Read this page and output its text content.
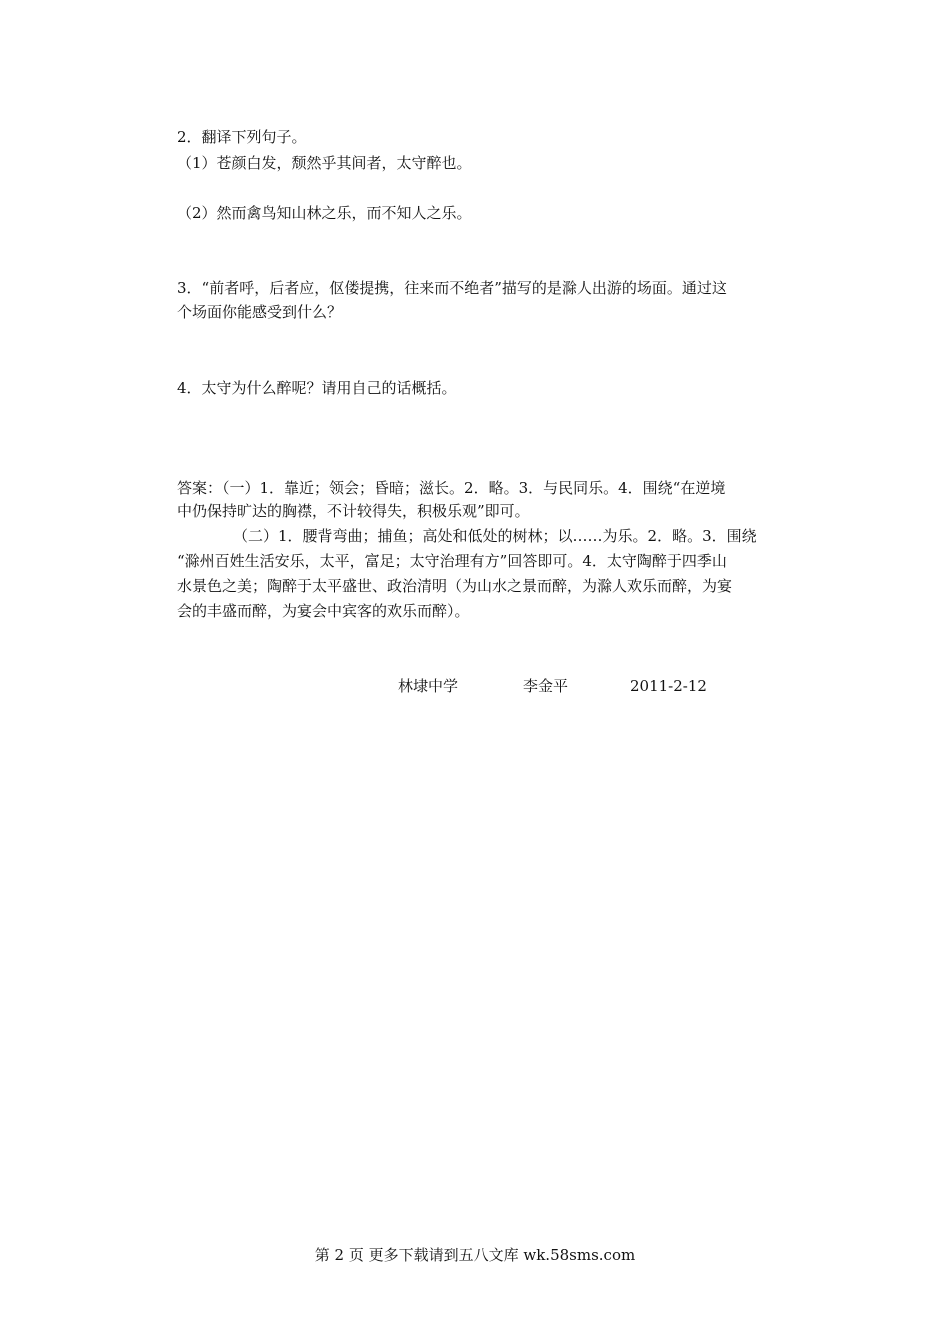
2．翻译下列句子。
（1）苍颜白发，颓然乎其间者，太守醉也。
（2）然而禽鸟知山林之乐，而不知人之乐。
3．“前者呼，后者应，伛偻提携，往来而不绝者”描写的是滁人出游的场面。通过这
个场面你能感受到什么？
4．太守为什么醉呢？请用自己的话概括。
答案：（一）1．靠近；领会；昏暗；滋长。2．略。3．与民同乐。4．围绕“在逆境
中仍保持旷达的胸襟，不计较得失，积极乐观”即可。
（二）1．腰背弯曲；捕鱼；高处和低处的树林；以……为乐。2．略。3．围绕
“滁州百姓生活安乐，太平，富足；太守治理有方”回答即可。4．太守陶醉于四季山
水景色之美；陶醉于太平盛世、政治清明（为山水之景而醉，为滁人欢乐而醉，为宴
会的丰盛而醉，为宴会中宾客的欢乐而醉）。
林埭中学	李金平	2011-2-12
第 2 页 更多下载请到五八文库 wk.58sms.com
